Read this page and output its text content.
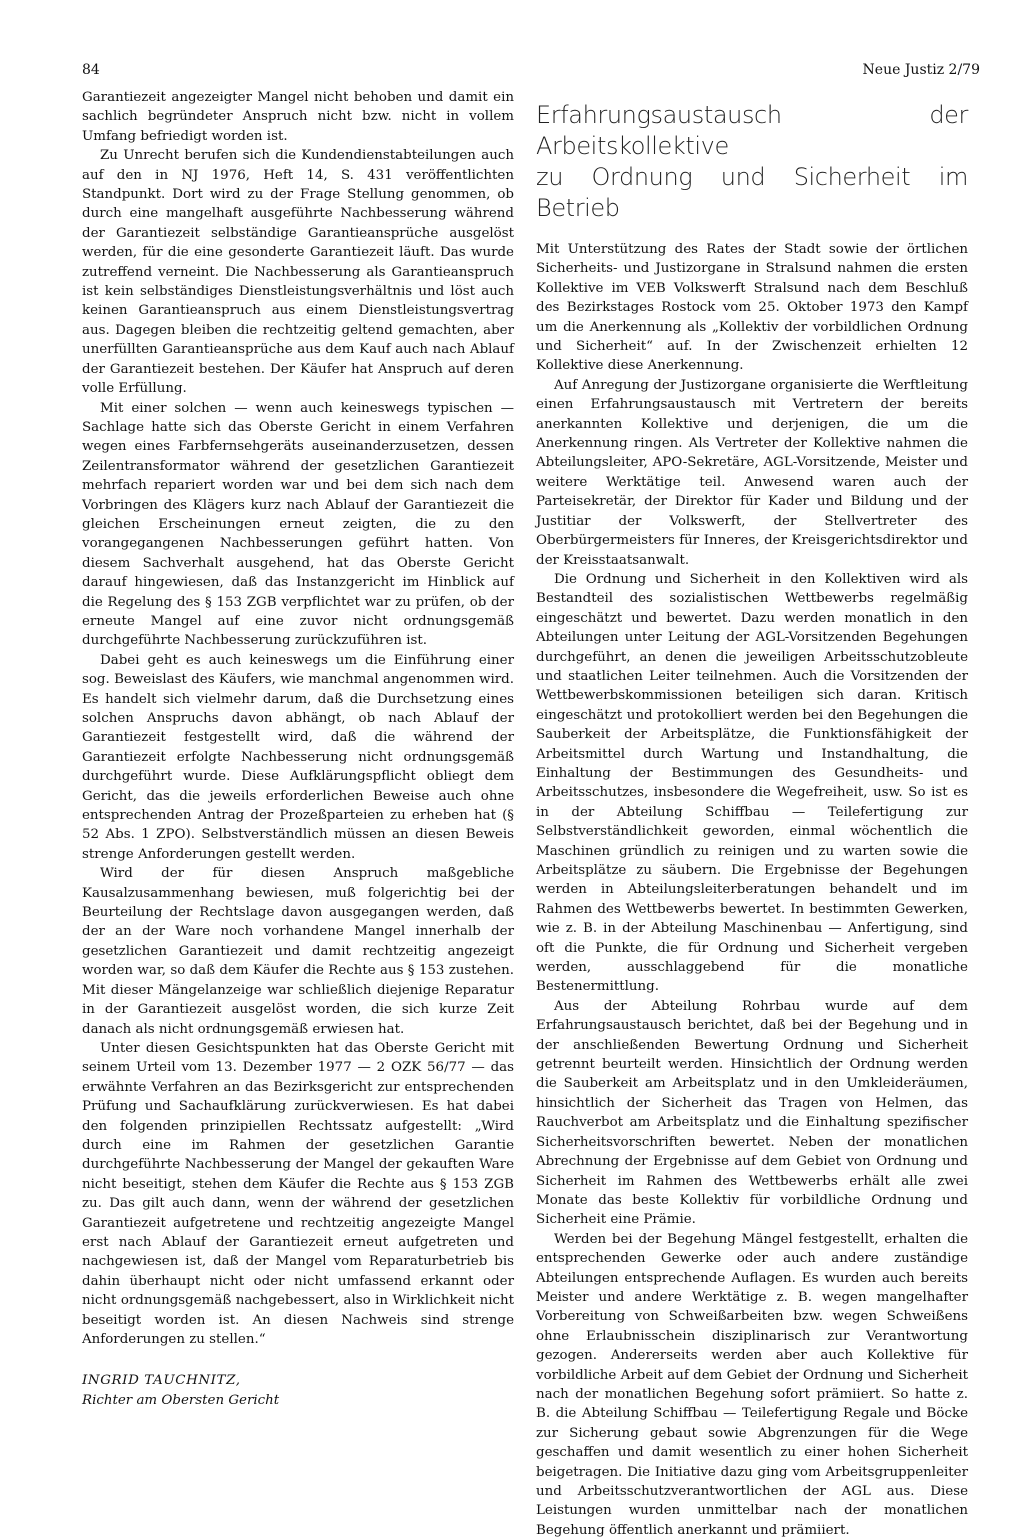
84	Neue Justiz 2/79

Garantiezeit angezeigter Mangel nicht behoben und damit ein sachlich begründeter Anspruch nicht bzw. nicht in vollem Umfang befriedigt worden ist.

Zu Unrecht berufen sich die Kundendienstabteilungen auch auf den in NJ 1976, Heft 14, S. 431 veröffentlichten Standpunkt. Dort wird zu der Frage Stellung genommen, ob durch eine mangelhaft ausgeführte Nachbesserung während der Garantiezeit selbständige Garantieansprüche ausgelöst werden, für die eine gesonderte Garantiezeit läuft. Das wurde zutreffend verneint. Die Nachbesserung als Garantieanspruch ist kein selbständiges Dienstleistungsverhältnis und löst auch keinen Garantieanspruch aus einem Dienstleistungsvertrag aus. Dagegen bleiben die rechtzeitig geltend gemachten, aber unerfüllten Garantieansprüche aus dem Kauf auch nach Ablauf der Garantiezeit bestehen. Der Käufer hat Anspruch auf deren volle Erfüllung.

Mit einer solchen — wenn auch keineswegs typischen — Sachlage hatte sich das Oberste Gericht in einem Verfahren wegen eines Farbfernsehgeräts auseinanderzusetzen, dessen Zeilentransformator während der gesetzlichen Garantiezeit mehrfach repariert worden war und bei dem sich nach dem Vorbringen des Klägers kurz nach Ablauf der Garantiezeit die gleichen Erscheinungen erneut zeigten, die zu den vorangegangenen Nachbesserungen geführt hatten. Von diesem Sachverhalt ausgehend, hat das Oberste Gericht darauf hingewiesen, daß das Instanzgericht im Hinblick auf die Regelung des § 153 ZGB verpflichtet war zu prüfen, ob der erneute Mangel auf eine zuvor nicht ordnungsgemäß durchgeführte Nachbesserung zurückzuführen ist.

Dabei geht es auch keineswegs um die Einführung einer sog. Beweislast des Käufers, wie manchmal angenommen wird. Es handelt sich vielmehr darum, daß die Durchsetzung eines solchen Anspruchs davon abhängt, ob nach Ablauf der Garantiezeit festgestellt wird, daß die während der Garantiezeit erfolgte Nachbesserung nicht ordnungsgemäß durchgeführt wurde. Diese Aufklärungspflicht obliegt dem Gericht, das die jeweils erforderlichen Beweise auch ohne entsprechenden Antrag der Prozeßparteien zu erheben hat (§ 52 Abs. 1 ZPO). Selbstverständlich müssen an diesen Beweis strenge Anforderungen gestellt werden.

Wird der für diesen Anspruch maßgebliche Kausalzusammenhang bewiesen, muß folgerichtig bei der Beurteilung der Rechtslage davon ausgegangen werden, daß der an der Ware noch vorhandene Mangel innerhalb der gesetzlichen Garantiezeit und damit rechtzeitig angezeigt worden war, so daß dem Käufer die Rechte aus § 153 zustehen. Mit dieser Mängelanzeige war schließlich diejenige Reparatur in der Garantiezeit ausgelöst worden, die sich kurze Zeit danach als nicht ordnungsgemäß erwiesen hat.

Unter diesen Gesichtspunkten hat das Oberste Gericht mit seinem Urteil vom 13. Dezember 1977 — 2 OZK 56/77 — das erwähnte Verfahren an das Bezirksgericht zur entsprechenden Prüfung und Sachaufklärung zurückverwiesen. Es hat dabei den folgenden prinzipiellen Rechtssatz aufgestellt: „Wird durch eine im Rahmen der gesetzlichen Garantie durchgeführte Nachbesserung der Mangel der gekauften Ware nicht beseitigt, stehen dem Käufer die Rechte aus § 153 ZGB zu. Das gilt auch dann, wenn der während der gesetzlichen Garantiezeit aufgetretene und rechtzeitig angezeigte Mangel erst nach Ablauf der Garantiezeit erneut aufgetreten und nachgewiesen ist, daß der Mangel vom Reparaturbetrieb bis dahin überhaupt nicht oder nicht umfassend erkannt oder nicht ordnungsgemäß nachgebessert, also in Wirklichkeit nicht beseitigt worden ist. An diesen Nachweis sind strenge Anforderungen zu stellen.“

INGRID TAUCHNITZ,
Richter am Obersten Gericht
Erfahrungsaustausch der Arbeitskollektive
zu Ordnung und Sicherheit im Betrieb

Mit Unterstützung des Rates der Stadt sowie der örtlichen Sicherheits- und Justizorgane in Stralsund nahmen die ersten Kollektive im VEB Volkswerft Stralsund nach dem Beschluß des Bezirkstages Rostock vom 25. Oktober 1973 den Kampf um die Anerkennung als „Kollektiv der vorbildlichen Ordnung und Sicherheit“ auf. In der Zwischenzeit erhielten 12 Kollektive diese Anerkennung.

Auf Anregung der Justizorgane organisierte die Werftleitung einen Erfahrungsaustausch mit Vertretern der bereits anerkannten Kollektive und derjenigen, die um die Anerkennung ringen. Als Vertreter der Kollektive nahmen die Abteilungsleiter, APO-Sekretäre, AGL-Vorsitzende, Meister und weitere Werktätige teil. Anwesend waren auch der Parteisekretär, der Direktor für Kader und Bildung und der Justitiar der Volkswerft, der Stellvertreter des Oberbürgermeisters für Inneres, der Kreisgerichtsdirektor und der Kreisstaatsanwalt.

Die Ordnung und Sicherheit in den Kollektiven wird als Bestandteil des sozialistischen Wettbewerbs regelmäßig eingeschätzt und bewertet. Dazu werden monatlich in den Abteilungen unter Leitung der AGL-Vorsitzenden Begehungen durchgeführt, an denen die jeweiligen Arbeitsschutzobleute und staatlichen Leiter teilnehmen. Auch die Vorsitzenden der Wettbewerbskommissionen beteiligen sich daran. Kritisch eingeschätzt und protokolliert werden bei den Begehungen die Sauberkeit der Arbeitsplätze, die Funktionsfähigkeit der Arbeitsmittel durch Wartung und Instandhaltung, die Einhaltung der Bestimmungen des Gesundheits- und Arbeitsschutzes, insbesondere die Wegefreiheit, usw. So ist es in der Abteilung Schiffbau — Teilefertigung zur Selbstverständlichkeit geworden, einmal wöchentlich die Maschinen gründlich zu reinigen und zu warten sowie die Arbeitsplätze zu säubern. Die Ergebnisse der Begehungen werden in Abteilungsleiterberatungen behandelt und im Rahmen des Wettbewerbs bewertet. In bestimmten Gewerken, wie z. B. in der Abteilung Maschinenbau — Anfertigung, sind oft die Punkte, die für Ordnung und Sicherheit vergeben werden, ausschlaggebend für die monatliche Bestenermittlung.

Aus der Abteilung Rohrbau wurde auf dem Erfahrungsaustausch berichtet, daß bei der Begehung und in der anschließenden Bewertung Ordnung und Sicherheit getrennt beurteilt werden. Hinsichtlich der Ordnung werden die Sauberkeit am Arbeitsplatz und in den Umkleideräumen, hinsichtlich der Sicherheit das Tragen von Helmen, das Rauchverbot am Arbeitsplatz und die Einhaltung spezifischer Sicherheitsvorschriften bewertet. Neben der monatlichen Abrechnung der Ergebnisse auf dem Gebiet von Ordnung und Sicherheit im Rahmen des Wettbewerbs erhält alle zwei Monate das beste Kollektiv für vorbildliche Ordnung und Sicherheit eine Prämie.

Werden bei der Begehung Mängel festgestellt, erhalten die entsprechenden Gewerke oder auch andere zuständige Abteilungen entsprechende Auflagen. Es wurden auch bereits Meister und andere Werktätige z. B. wegen mangelhafter Vorbereitung von Schweißarbeiten bzw. wegen Schweißens ohne Erlaubnisschein disziplinarisch zur Verantwortung gezogen. Andererseits werden aber auch Kollektive für vorbildliche Arbeit auf dem Gebiet der Ordnung und Sicherheit nach der monatlichen Begehung sofort prämiiert. So hatte z. B. die Abteilung Schiffbau — Teilefertigung Regale und Böcke zur Sicherung gebaut sowie Abgrenzungen für die Wege geschaffen und damit wesentlich zu einer hohen Sicherheit beigetragen. Die Initiative dazu ging vom Arbeitsgruppenleiter und Arbeitsschutzverantwortlichen der AGL aus. Diese Leistungen wurden unmittelbar nach der monatlichen Begehung öffentlich anerkannt und prämiiert.
